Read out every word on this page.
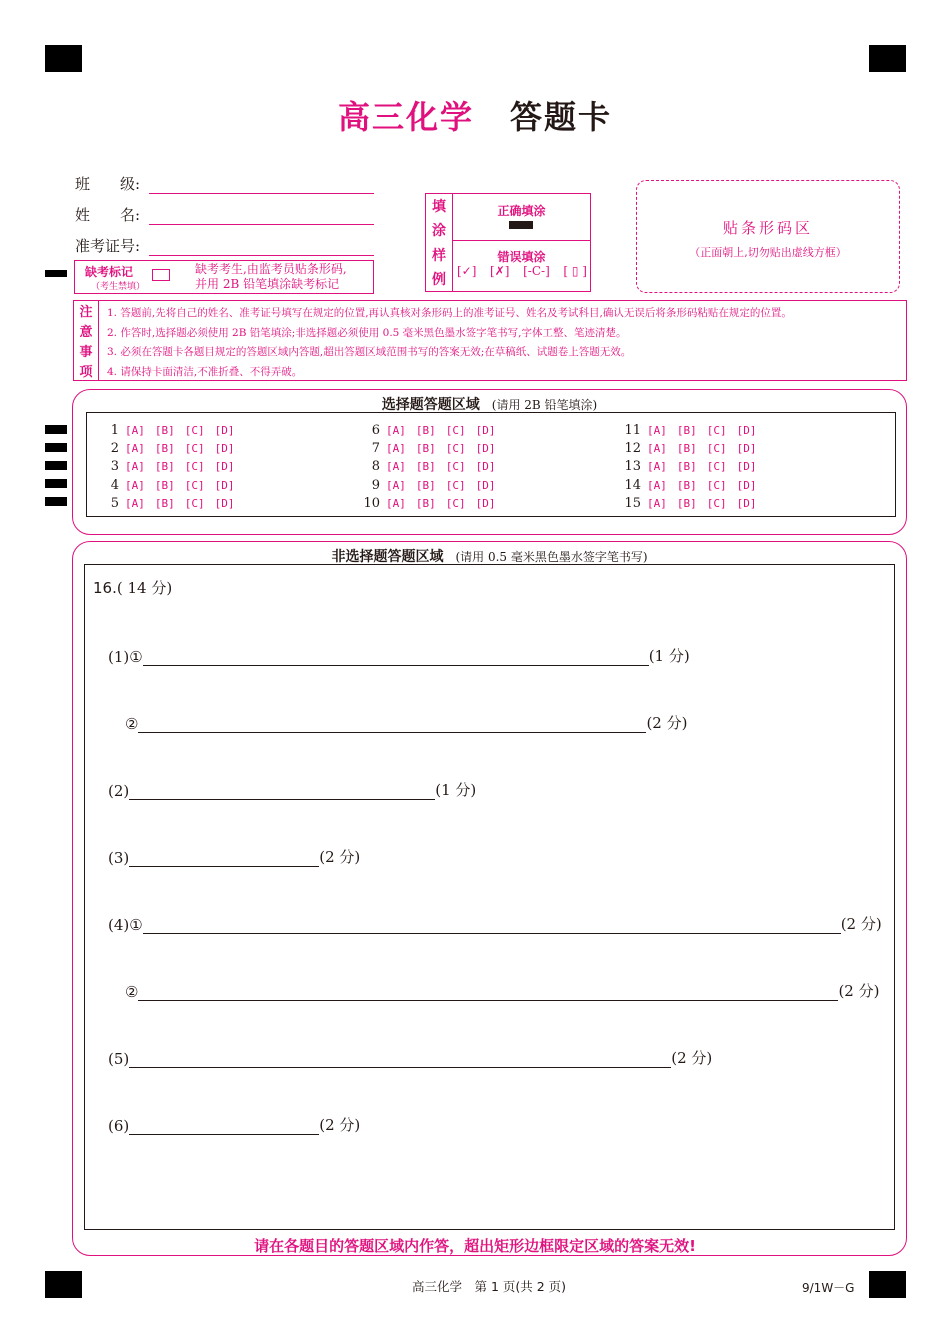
高三化学 答题卡
班　　级:
姓　　名:
准考证号:
缺考标记
（考生禁填）
缺考考生,由监考员贴条形码,
并用 2B 铅笔填涂缺考标记
填
涂
样
例
正确填涂
错误填涂
[✓] [✗] [-C-] [ ▯ ]
贴条形码区
（正面朝上,切勿贴出虚线方框）
注
意
事
项
1. 答题前,先将自己的姓名、准考证号填写在规定的位置,再认真核对条形码上的准考证号、姓名及考试科目,确认无误后将条形码粘贴在规定的位置。
2. 作答时,选择题必须使用 2B 铅笔填涂;非选择题必须使用 0.5 毫米黑色墨水签字笔书写,字体工整、笔迹清楚。
3. 必须在答题卡各题目规定的答题区域内答题,超出答题区域范围书写的答案无效;在草稿纸、试题卷上答题无效。
4. 请保持卡面清洁,不准折叠、不得弄破。
选择题答题区域 (请用 2B 铅笔填涂)
1 [A] [B] [C] [D]
2 [A] [B] [C] [D]
3 [A] [B] [C] [D]
4 [A] [B] [C] [D]
5 [A] [B] [C] [D]
6 [A] [B] [C] [D]
7 [A] [B] [C] [D]
8 [A] [B] [C] [D]
9 [A] [B] [C] [D]
10 [A] [B] [C] [D]
11 [A] [B] [C] [D]
12 [A] [B] [C] [D]
13 [A] [B] [C] [D]
14 [A] [B] [C] [D]
15 [A] [B] [C] [D]
非选择题答题区域 (请用 0.5 毫米黑色墨水签字笔书写)
16.( 14 分)
(1)①	(1 分)
②	(2 分)
(2)	(1 分)
(3)	(2 分)
(4)①	(2 分)
②	(2 分)
(5)	(2 分)
(6)	(2 分)
请在各题目的答题区域内作答，超出矩形边框限定区域的答案无效!
高三化学　第 1 页(共 2 页)	9/1W－G
